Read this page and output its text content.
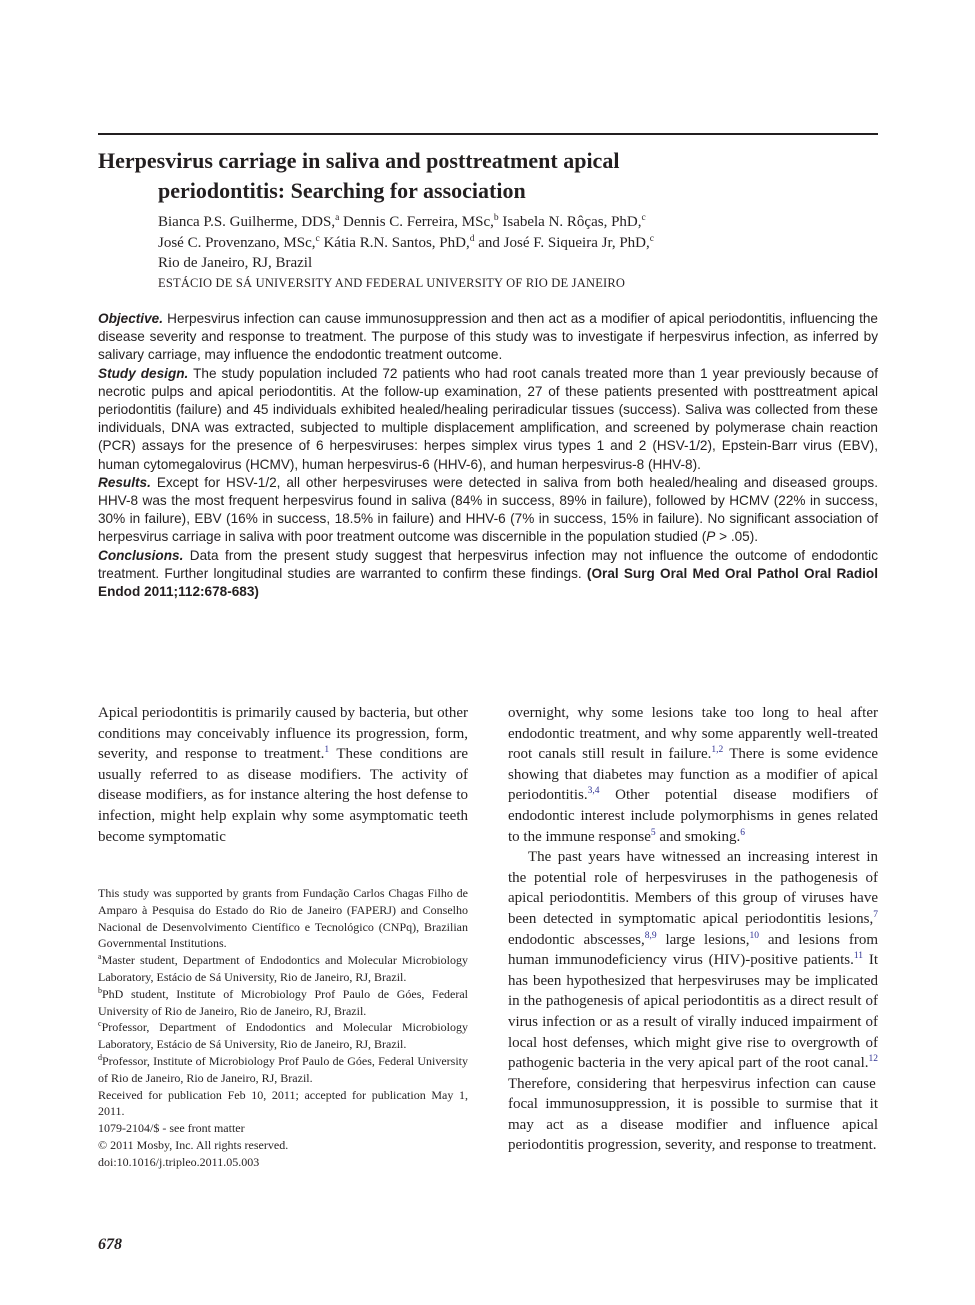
Herpesvirus carriage in saliva and posttreatment apical
periodontitis: Searching for association
Bianca P.S. Guilherme, DDS,$^a$ Dennis C. Ferreira, MSc,$^b$ Isabela N. Rôças, PhD,$^c$
José C. Provenzano, MSc,$^c$ Kátia R.N. Santos, PhD,$^d$ and José F. Siqueira Jr, PhD,$^c$
Rio de Janeiro, RJ, Brazil
ESTÁCIO DE SÁ UNIVERSITY AND FEDERAL UNIVERSITY OF RIO DE JANEIRO

Objective. Herpesvirus infection can cause immunosuppression and then act as a modifier of apical periodontitis, influencing the disease severity and response to treatment. The purpose of this study was to investigate if herpesvirus infection, as inferred by salivary carriage, may influence the endodontic treatment outcome.

Study design. The study population included 72 patients who had root canals treated more than 1 year previously because of necrotic pulps and apical periodontitis. At the follow-up examination, 27 of these patients presented with posttreatment apical periodontitis (failure) and 45 individuals exhibited healed/healing periradicular tissues (success). Saliva was collected from these individuals, DNA was extracted, subjected to multiple displacement amplification, and screened by polymerase chain reaction (PCR) assays for the presence of 6 herpesviruses: herpes simplex virus types 1 and 2 (HSV-1/2), Epstein-Barr virus (EBV), human cytomegalovirus (HCMV), human herpesvirus-6 (HHV-6), and human herpesvirus-8 (HHV-8).

Results. Except for HSV-1/2, all other herpesviruses were detected in saliva from both healed/healing and diseased groups. HHV-8 was the most frequent herpesvirus found in saliva (84% in success, 89% in failure), followed by HCMV (22% in success, 30% in failure), EBV (16% in success, 18.5% in failure) and HHV-6 (7% in success, 15% in failure). No significant association of herpesvirus carriage in saliva with poor treatment outcome was discernible in the population studied (P > .05).

Conclusions. Data from the present study suggest that herpesvirus infection may not influence the outcome of endodontic treatment. Further longitudinal studies are warranted to confirm these findings. (Oral Surg Oral Med Oral Pathol Oral Radiol Endod 2011;112:678-683)

Apical periodontitis is primarily caused by bacteria, but other conditions may conceivably influence its progression, form, severity, and response to treatment.$^1$ These conditions are usually referred to as disease modifiers. The activity of disease modifiers, as for instance altering the host defense to infection, might help explain why some asymptomatic teeth become symptomatic

This study was supported by grants from Fundação Carlos Chagas Filho de Amparo à Pesquisa do Estado do Rio de Janeiro (FAPERJ) and Conselho Nacional de Desenvolvimento Científico e Tecnológico (CNPq), Brazilian Governmental Institutions.

$^a$Master student, Department of Endodontics and Molecular Microbiology Laboratory, Estácio de Sá University, Rio de Janeiro, RJ, Brazil.

$^b$PhD student, Institute of Microbiology Prof Paulo de Góes, Federal University of Rio de Janeiro, Rio de Janeiro, RJ, Brazil.

$^c$Professor, Department of Endodontics and Molecular Microbiology Laboratory, Estácio de Sá University, Rio de Janeiro, RJ, Brazil.

$^d$Professor, Institute of Microbiology Prof Paulo de Góes, Federal University of Rio de Janeiro, Rio de Janeiro, RJ, Brazil.

Received for publication Feb 10, 2011; accepted for publication May 1, 2011.

1079-2104/$ - see front matter

© 2011 Mosby, Inc. All rights reserved.

doi:10.1016/j.tripleo.2011.05.003

overnight, why some lesions take too long to heal after endodontic treatment, and why some apparently well-treated root canals still result in failure.$^{1,2}$ There is some evidence showing that diabetes may function as a modifier of apical periodontitis.$^{3,4}$ Other potential disease modifiers of endodontic interest include polymorphisms in genes related to the immune response$^5$ and smoking.$^6$

The past years have witnessed an increasing interest in the potential role of herpesviruses in the pathogenesis of apical periodontitis. Members of this group of viruses have been detected in symptomatic apical periodontitis lesions,$^7$ endodontic abscesses,$^{8,9}$ large lesions,$^{10}$ and lesions from human immunodeficiency virus (HIV)-positive patients.$^{11}$ It has been hypothesized that herpesviruses may be implicated in the pathogenesis of apical periodontitis as a direct result of virus infection or as a result of virally induced impairment of local host defenses, which might give rise to overgrowth of pathogenic bacteria in the very apical part of the root canal.$^{12}$ Therefore, considering that herpesvirus infection can cause focal immunosuppression, it is possible to surmise that it may act as a disease modifier and influence apical periodontitis progression, severity, and response to treatment.

678
